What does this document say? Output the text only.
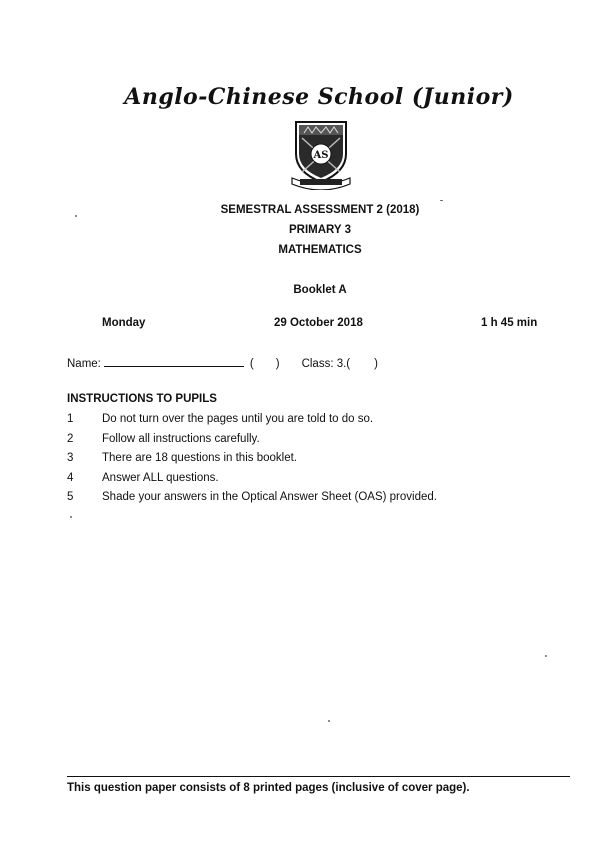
Anglo-Chinese School (Junior)
AS
SEMESTRAL ASSESSMENT 2 (2018)
PRIMARY 3
MATHEMATICS
Booklet A
Monday	29 October 2018	1 h 45 min
Name:	( ) Class: 3.( )
INSTRUCTIONS TO PUPILS
1 Do not turn over the pages until you are told to do so.
2 Follow all instructions carefully.
3 There are 18 questions in this booklet.
4 Answer ALL questions.
5 Shade your answers in the Optical Answer Sheet (OAS) provided.
This question paper consists of 8 printed pages (inclusive of cover page).
